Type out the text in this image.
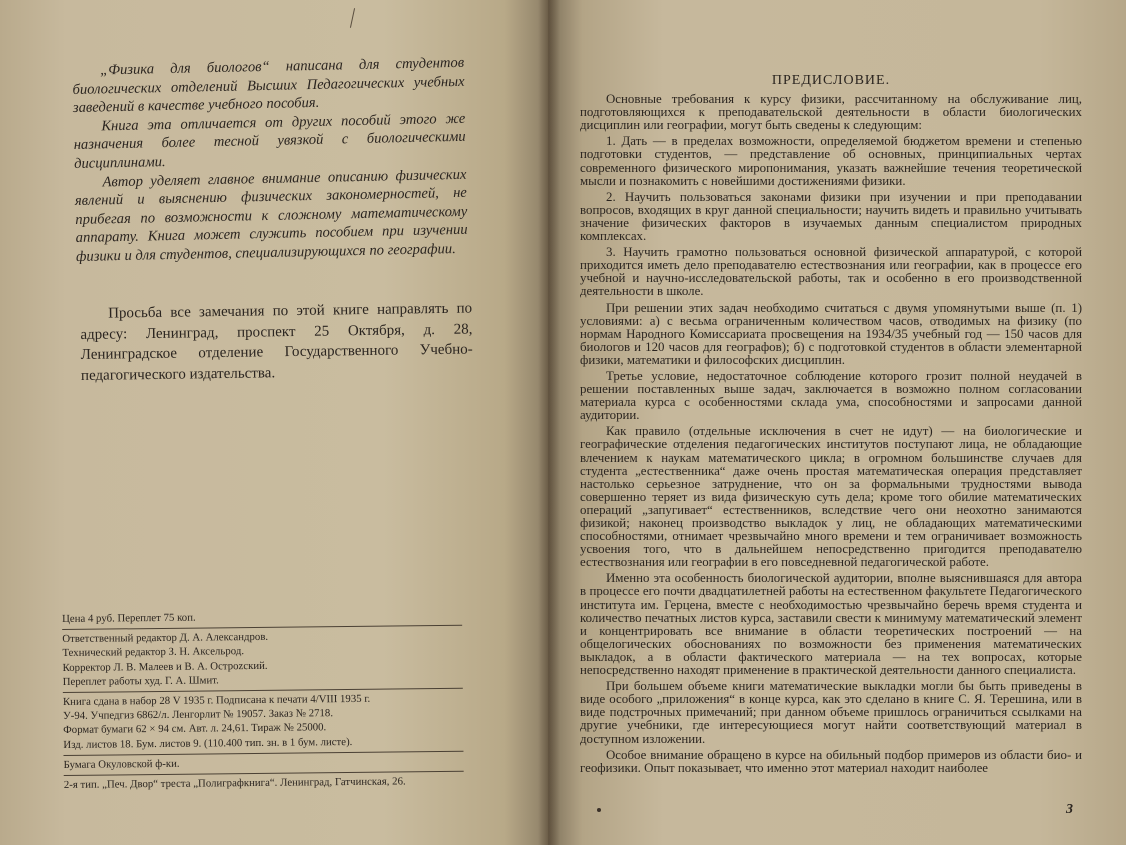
„Физика для биологов“ написана для студентов биологических отделений Высших Педагогических учебных заведений в качестве учебного пособия.

Книга эта отличается от других пособий этого же назначения более тесной увязкой с биологическими дисциплинами.

Автор уделяет главное внимание описанию физических явлений и выяснению физических закономерностей, не прибегая по возможности к сложному математическому аппарату. Книга может служить пособием при изучении физики и для студентов, специализирующихся по географии.

Просьба все замечания по этой книге направлять по адресу: Ленинград, проспект 25 Октября, д. 28, Ленинградское отделение Государственного Учебно-педагогического издательства.

Цена 4 руб. Переплет 75 коп.
Ответственный редактор Д. А. Александров.
Технический редактор З. Н. Аксельрод.
Корректор Л. В. Малеев и В. А. Остроzский.
Переплет работы худ. Г. А. Шмит.
Книга сдана в набор 28 V 1935 г. Подписана к печати 4/VIII 1935 г.
У-94. Учпедгиз 6862/л. Ленгорлит № 19057. Заказ № 2718.
Формат бумаги 62 × 94 см. Авт. л. 24,61. Тираж № 25000.
Изд. листов 18. Бум. листов 9. (110.400 тип. зн. в 1 бум. листе).
Бумага Окуловской ф-ки.
2-я тип. „Печ. Двор“ треста „Полиграфкнига“. Ленинград, Гатчинская, 26.
ПРЕДИСЛОВИЕ.

Основные требования к курсу физики, рассчитанному на обслуживание лиц, подготовляющихся к преподавательской деятельности в области биологических дисциплин или географии, могут быть сведены к следующим:

1. Дать — в пределах возможности, определяемой бюджетом времени и степенью подготовки студентов, — представление об основных, принципиальных чертах современного физического миропонимания, указать важнейшие течения теоретической мысли и познакомить с новейшими достижениями физики.

2. Научить пользоваться законами физики при изучении и при преподавании вопросов, входящих в круг данной специальности; научить видеть и правильно учитывать значение физических факторов в изучаемых данным специалистом природных комплексах.

3. Научить грамотно пользоваться основной физической аппаратурой, с которой приходится иметь дело преподавателю естествознания или географии, как в процессе его учебной и научно-исследовательской работы, так и особенно в его производственной деятельности в школе.

При решении этих задач необходимо считаться с двумя упомянутыми выше (п. 1) условиями: а) с весьма ограниченным количеством часов, отводимых на физику (по нормам Народного Комиссариата просвещения на 1934/35 учебный год — 150 часов для биологов и 120 часов для географов); б) с подготовкой студентов в области элементарной физики, математики и философских дисциплин.

Третье условие, недостаточное соблюдение которого грозит полной неудачей в решении поставленных выше задач, заключается в возможно полном согласовании материала курса с особенностями склада ума, способностями и запросами данной аудитории.

Как правило (отдельные исключения в счет не идут) — на биологические и географические отделения педагогических институтов поступают лица, не обладающие влечением к наукам математического цикла; в огромном большинстве случаев для студента „естественника“ даже очень простая математическая операция представляет настолько серьезное затруднение, что он за формальными трудностями вывода совершенно теряет из вида физическую суть дела; кроме того обилие математических операций „запугивает“ естественников, вследствие чего они неохотно занимаются физикой; наконец производство выкладок у лиц, не обладающих математическими способностями, отнимает чрезвычайно много времени и тем ограничивает возможность усвоения того, что в дальнейшем непосредственно пригодится преподавателю естествознания или географии в его повседневной педагогической работе.

Именно эта особенность биологической аудитории, вполне выяснившаяся для автора в процессе его почти двадцатилетней работы на естественном факультете Педагогического института им. Герцена, вместе с необходимостью чрезвычайно беречь время студента и количество печатных листов курса, заставили свести к минимуму математический элемент и концентрировать все внимание в области теоретических построений — на общелогических обоснованиях по возможности без применения математических выкладок, а в области фактического материала — на тех вопросах, которые непосредственно находят применение в практической деятельности данного специалиста.

При большем объеме книги математические выкладки могли бы быть приведены в виде особого „приложения“ в конце курса, как это сделано в книге С. Я. Терешина, или в виде подстрочных примечаний; при данном объеме пришлось ограничиться ссылками на другие учебники, где интересующиеся могут найти соответствующий материал в доступном изложении.

Особое внимание обращено в курсе на обильный подбор примеров из области био- и геофизики. Опыт показывает, что именно этот материал находит наиболее

3
